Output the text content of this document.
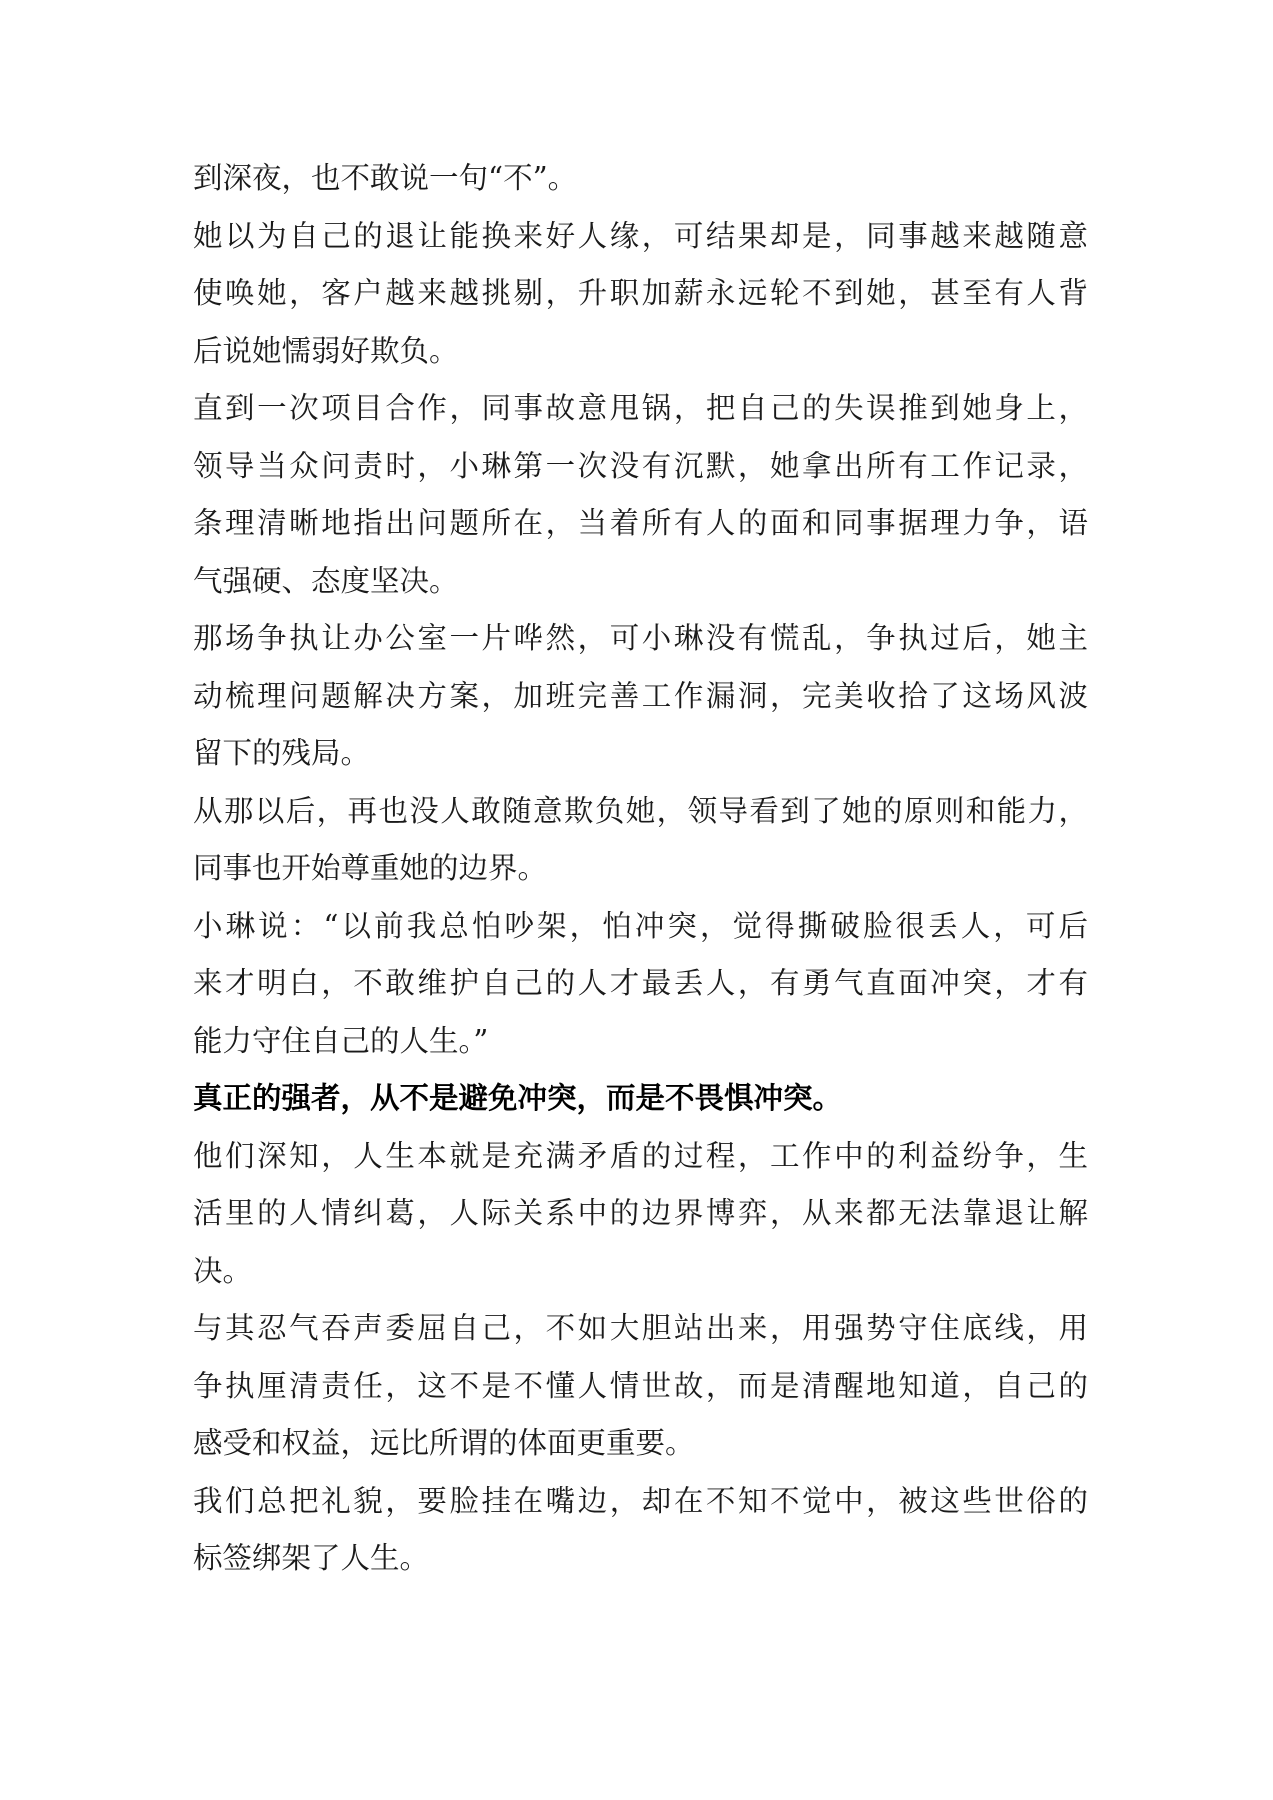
到深夜，也不敢说一句“不”。
她以为自己的退让能换来好人缘，可结果却是，同事越来越随意
使唤她，客户越来越挑剔，升职加薪永远轮不到她，甚至有人背
后说她懦弱好欺负。
直到一次项目合作，同事故意甩锅，把自己的失误推到她身上，
领导当众问责时，小琳第一次没有沉默，她拿出所有工作记录，
条理清晰地指出问题所在，当着所有人的面和同事据理力争，语
气强硬、态度坚决。
那场争执让办公室一片哗然，可小琳没有慌乱，争执过后，她主
动梳理问题解决方案，加班完善工作漏洞，完美收拾了这场风波
留下的残局。
从那以后，再也没人敢随意欺负她，领导看到了她的原则和能力，
同事也开始尊重她的边界。
小琳说：“以前我总怕吵架，怕冲突，觉得撕破脸很丢人，可后
来才明白，不敢维护自己的人才最丢人，有勇气直面冲突，才有
能力守住自己的人生。”
真正的强者，从不是避免冲突，而是不畏惧冲突。
他们深知，人生本就是充满矛盾的过程，工作中的利益纷争，生
活里的人情纠葛，人际关系中的边界博弈，从来都无法靠退让解
决。
与其忍气吞声委屈自己，不如大胆站出来，用强势守住底线，用
争执厘清责任，这不是不懂人情世故，而是清醒地知道，自己的
感受和权益，远比所谓的体面更重要。
我们总把礼貌，要脸挂在嘴边，却在不知不觉中，被这些世俗的
标签绑架了人生。
